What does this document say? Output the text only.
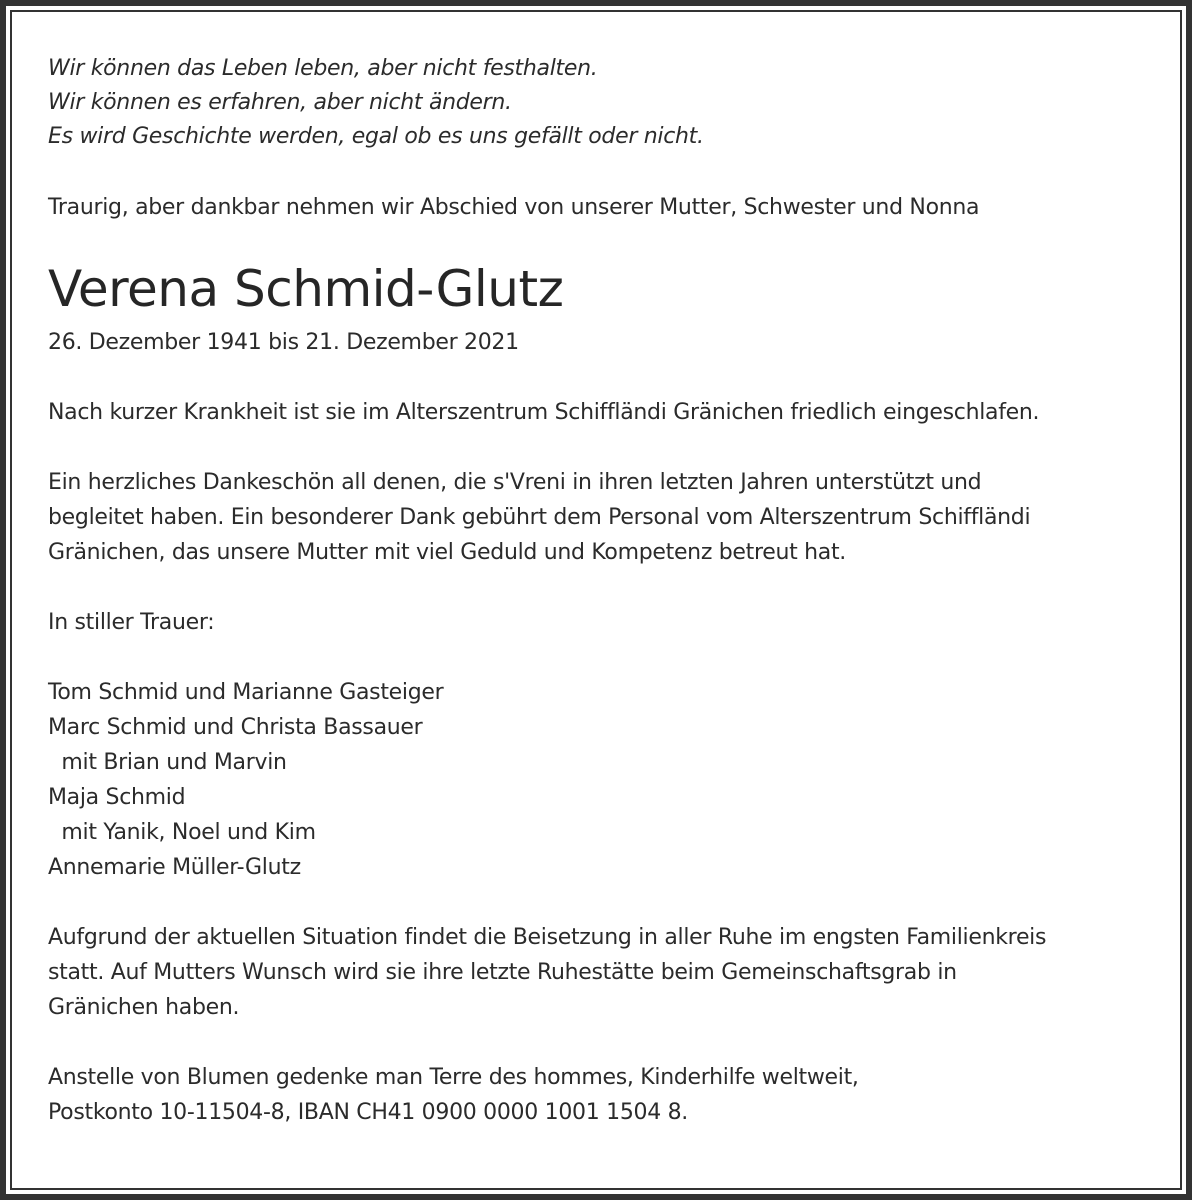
Wir können das Leben leben, aber nicht festhalten.
Wir können es erfahren, aber nicht ändern.
Es wird Geschichte werden, egal ob es uns gefällt oder nicht.
Traurig, aber dankbar nehmen wir Abschied von unserer Mutter, Schwester und Nonna
Verena Schmid-Glutz
26. Dezember 1941 bis 21. Dezember 2021
Nach kurzer Krankheit ist sie im Alterszentrum Schiffländi Gränichen friedlich eingeschlafen.
Ein herzliches Dankeschön all denen, die s'Vreni in ihren letzten Jahren unterstützt und
begleitet haben. Ein besonderer Dank gebührt dem Personal vom Alterszentrum Schiffländi
Gränichen, das unsere Mutter mit viel Geduld und Kompetenz betreut hat.
In stiller Trauer:
Tom Schmid und Marianne Gasteiger
Marc Schmid und Christa Bassauer
mit Brian und Marvin
Maja Schmid
mit Yanik, Noel und Kim
Annemarie Müller-Glutz
Aufgrund der aktuellen Situation findet die Beisetzung in aller Ruhe im engsten Familienkreis
statt. Auf Mutters Wunsch wird sie ihre letzte Ruhestätte beim Gemeinschaftsgrab in
Gränichen haben.
Anstelle von Blumen gedenke man Terre des hommes, Kinderhilfe weltweit,
Postkonto 10-11504-8, IBAN CH41 0900 0000 1001 1504 8.
